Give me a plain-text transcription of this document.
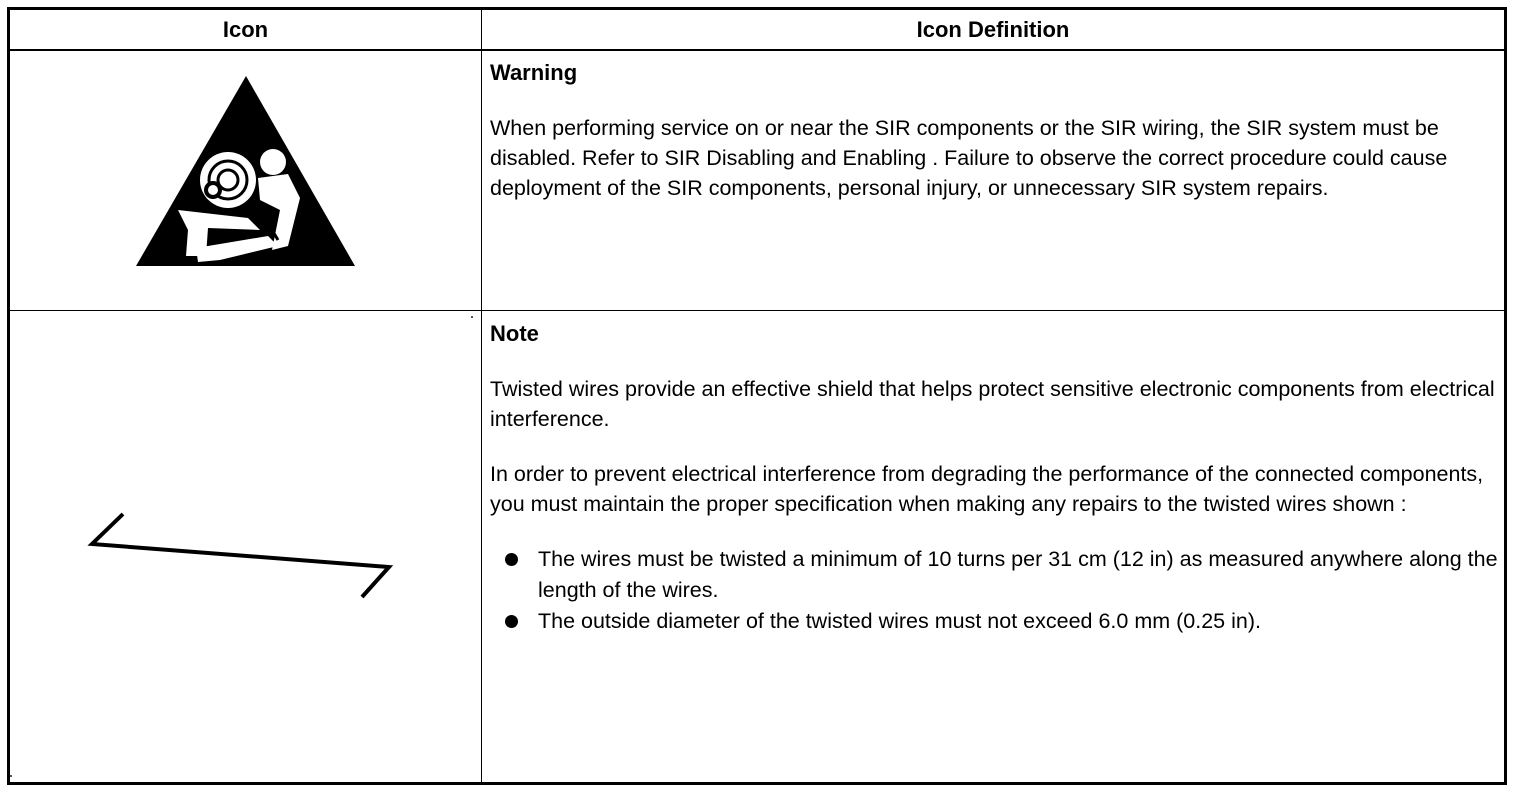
Icon	Icon Definition
Warning

When performing service on or near the SIR components or the SIR wiring, the SIR system must be disabled. Refer to SIR Disabling and Enabling . Failure to observe the correct procedure could cause deployment of the SIR components, personal injury, or unnecessary SIR system repairs.

Note

Twisted wires provide an effective shield that helps protect sensitive electronic components from electrical interference.

In order to prevent electrical interference from degrading the performance of the connected components, you must maintain the proper specification when making any repairs to the twisted wires shown :

The wires must be twisted a minimum of 10 turns per 31 cm (12 in) as measured anywhere along the length of the wires.
The outside diameter of the twisted wires must not exceed 6.0 mm (0.25 in).
